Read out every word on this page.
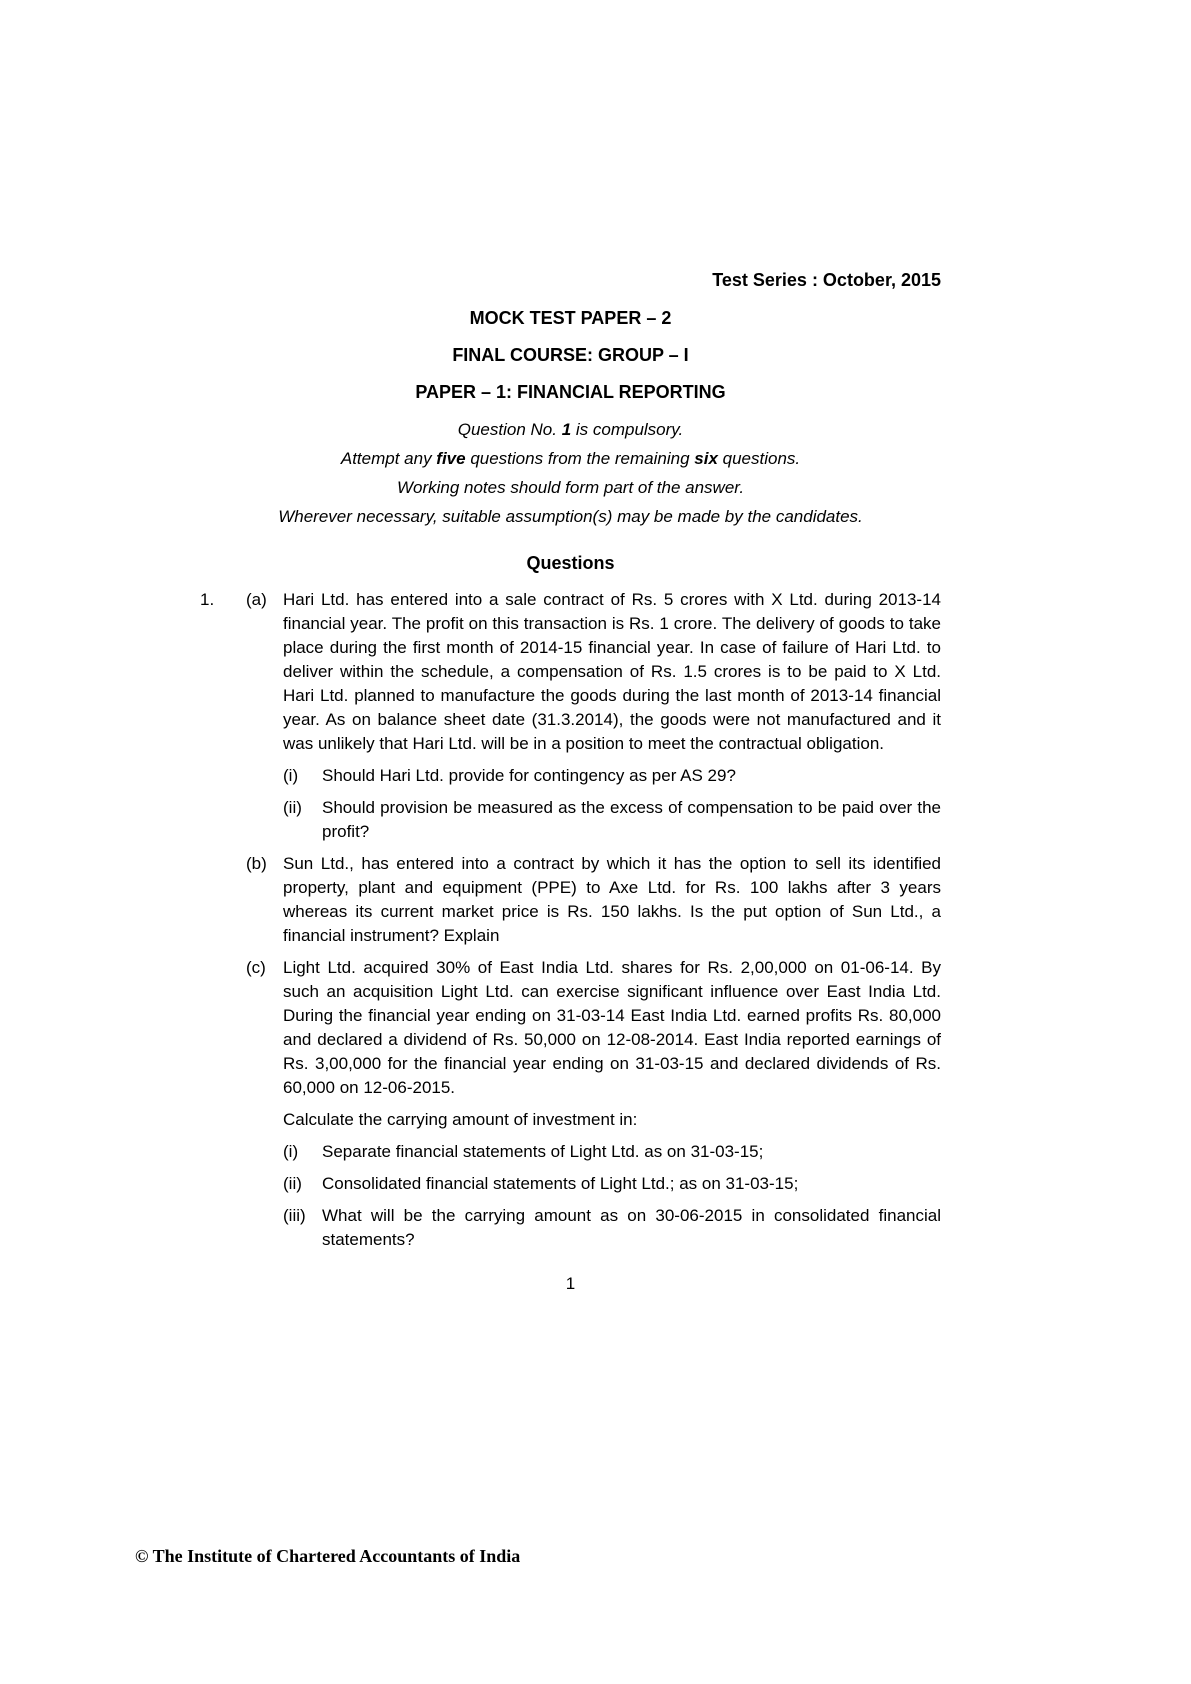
Test Series : October, 2015
MOCK TEST PAPER – 2
FINAL COURSE: GROUP – I
PAPER – 1: FINANCIAL REPORTING
Question No. 1 is compulsory.
Attempt any five questions from the remaining six questions.
Working notes should form part of the answer.
Wherever necessary, suitable assumption(s) may be made by the candidates.
Questions
1.	(a) Hari Ltd. has entered into a sale contract of Rs. 5 crores with X Ltd. during 2013-14 financial year. The profit on this transaction is Rs. 1 crore. The delivery of goods to take place during the first month of 2014-15 financial year. In case of failure of Hari Ltd. to deliver within the schedule, a compensation of Rs. 1.5 crores is to be paid to X Ltd. Hari Ltd. planned to manufacture the goods during the last month of 2013-14 financial year. As on balance sheet date (31.3.2014), the goods were not manufactured and it was unlikely that Hari Ltd. will be in a position to meet the contractual obligation.

(i)	Should Hari Ltd. provide for contingency as per AS 29?
(ii)	Should provision be measured as the excess of compensation to be paid over the profit?
(b) Sun Ltd., has entered into a contract by which it has the option to sell its identified property, plant and equipment (PPE) to Axe Ltd. for Rs. 100 lakhs after 3 years whereas its current market price is Rs. 150 lakhs. Is the put option of Sun Ltd., a financial instrument? Explain

(c)	Light Ltd. acquired 30% of East India Ltd. shares for Rs. 2,00,000 on 01-06-14. By such an acquisition Light Ltd. can exercise significant influence over East India Ltd. During the financial year ending on 31-03-14 East India Ltd. earned profits Rs. 80,000 and declared a dividend of Rs. 50,000 on 12-08-2014. East India reported earnings of Rs. 3,00,000 for the financial year ending on 31-03-15 and declared dividends of Rs. 60,000 on 12-06-2015.

Calculate the carrying amount of investment in:

(i)	Separate financial statements of Light Ltd. as on 31-03-15;
(ii)	Consolidated financial statements of Light Ltd.; as on 31-03-15;
(iii) What will be the carrying amount as on 30-06-2015 in consolidated financial statements?
1
© The Institute of Chartered Accountants of India
